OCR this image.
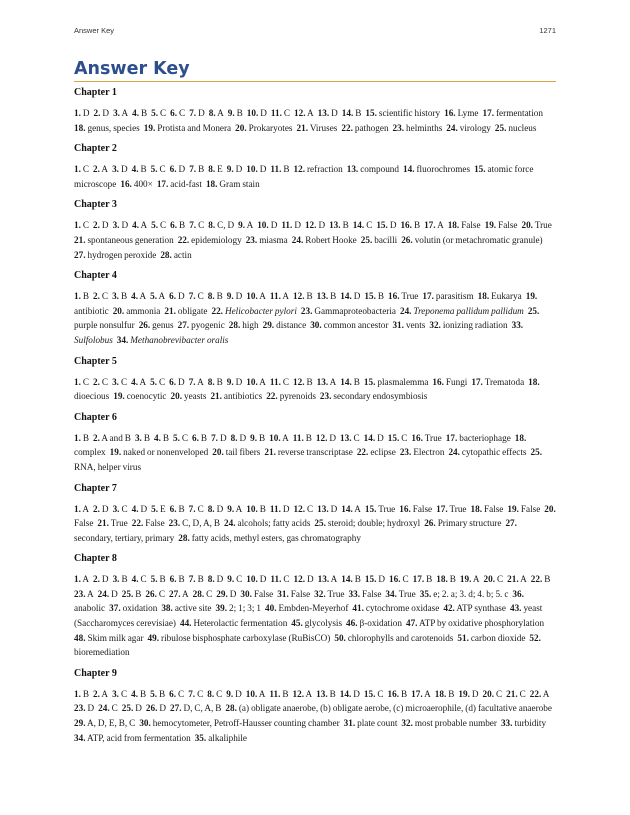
Answer Key	1271
Answer Key
Chapter 1

1. D 2. D 3. A 4. B 5. C 6. C 7. D 8. A 9. B 10. D 11. C 12. A 13. D 14. B 15. scientific history 16. Lyme 17. fermentation 18. genus, species 19. Protista and Monera 20. Prokaryotes 21. Viruses 22. pathogen 23. helminths 24. virology 25. nucleus

Chapter 2

1. C 2. A 3. D 4. B 5. C 6. D 7. B 8. E 9. D 10. D 11. B 12. refraction 13. compound 14. fluorochromes 15. atomic force microscope 16. 400× 17. acid-fast 18. Gram stain

Chapter 3

1. C 2. D 3. D 4. A 5. C 6. B 7. C 8. C, D 9. A 10. D 11. D 12. D 13. B 14. C 15. D 16. B 17. A 18. False 19. False 20. True 21. spontaneous generation 22. epidemiology 23. miasma 24. Robert Hooke 25. bacilli 26. volutin (or metachromatic granule) 27. hydrogen peroxide 28. actin

Chapter 4

1. B 2. C 3. B 4. A 5. A 6. D 7. C 8. B 9. D 10. A 11. A 12. B 13. B 14. D 15. B 16. True 17. parasitism 18. Eukarya 19. antibiotic 20. ammonia 21. obligate 22. Helicobacter pylori 23. Gammaproteobacteria 24. Treponema pallidum pallidum 25. purple nonsulfur 26. genus 27. pyogenic 28. high 29. distance 30. common ancestor 31. vents 32. ionizing radiation 33. Sulfolobus 34. Methanobrevibacter oralis

Chapter 5

1. C 2. C 3. C 4. A 5. C 6. D 7. A 8. B 9. D 10. A 11. C 12. B 13. A 14. B 15. plasmalemma 16. Fungi 17. Trematoda 18. dioecious 19. coenocytic 20. yeasts 21. antibiotics 22. pyrenoids 23. secondary endosymbiosis

Chapter 6

1. B 2. A and B 3. B 4. B 5. C 6. B 7. D 8. D 9. B 10. A 11. B 12. D 13. C 14. D 15. C 16. True 17. bacteriophage 18. complex 19. naked or nonenveloped 20. tail fibers 21. reverse transcriptase 22. eclipse 23. Electron 24. cytopathic effects 25. RNA, helper virus

Chapter 7

1. A 2. D 3. C 4. D 5. E 6. B 7. C 8. D 9. A 10. B 11. D 12. C 13. D 14. A 15. True 16. False 17. True 18. False 19. False 20. False 21. True 22. False 23. C, D, A, B 24. alcohols; fatty acids 25. steroid; double; hydroxyl 26. Primary structure 27. secondary, tertiary, primary 28. fatty acids, methyl esters, gas chromatography

Chapter 8

1. A 2. D 3. B 4. C 5. B 6. B 7. B 8. D 9. C 10. D 11. C 12. D 13. A 14. B 15. D 16. C 17. B 18. B 19. A 20. C 21. A 22. B 23. A 24. D 25. B 26. C 27. A 28. C 29. D 30. False 31. False 32. True 33. False 34. True 35. e; 2. a; 3. d; 4. b; 5. c 36. anabolic 37. oxidation 38. active site 39. 2; 1; 3; 1 40. Embden-Meyerhof 41. cytochrome oxidase 42. ATP synthase 43. yeast (Saccharomyces cerevisiae) 44. Heterolactic fermentation 45. glycolysis 46. β-oxidation 47. ATP by oxidative phosphorylation 48. Skim milk agar 49. ribulose bisphosphate carboxylase (RuBisCO) 50. chlorophylls and carotenoids 51. carbon dioxide 52. bioremediation

Chapter 9

1. B 2. A 3. C 4. B 5. B 6. C 7. C 8. C 9. D 10. A 11. B 12. A 13. B 14. D 15. C 16. B 17. A 18. B 19. D 20. C 21. C 22. A 23. D 24. C 25. D 26. D 27. D, C, A, B 28. (a) obligate anaerobe, (b) obligate aerobe, (c) microaerophile, (d) facultative anaerobe 29. A, D, E, B, C 30. hemocytometer, Petroff-Hausser counting chamber 31. plate count 32. most probable number 33. turbidity 34. ATP, acid from fermentation 35. alkaliphile
